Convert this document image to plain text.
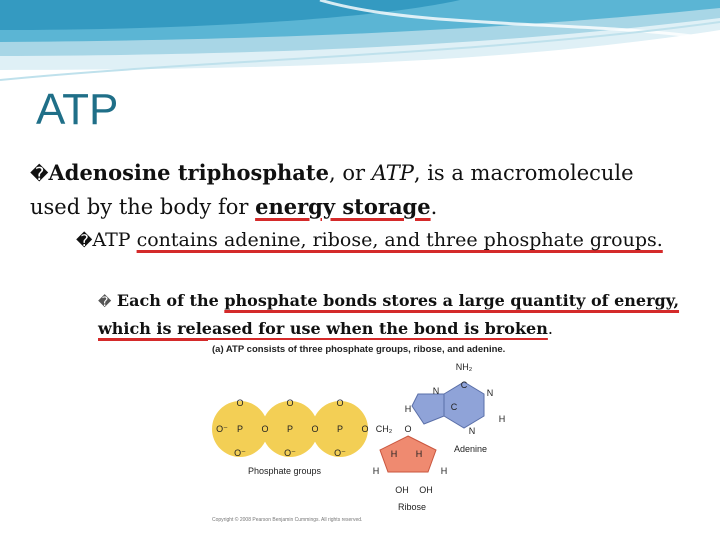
ATP
�Adenosine triphosphate, or ATP, is a macromolecule used by the body for energy storage.
�ATP contains adenine, ribose, and three phosphate groups.
� Each of the phosphate bonds stores a large quantity of energy, which is released for use when the bond is broken.
(a) ATP consists of three phosphate groups, ribose, and adenine.
O⁻ P
O
O⁻
O P
O
O⁻
O P
O
O⁻
O CH₂
Phosphate groups
O
H H
H	H
OH OH
Ribose
NH₂
C
N	N
H
N
H	C
Adenine
Copyright © 2008 Pearson Benjamin Cummings. All rights reserved.
